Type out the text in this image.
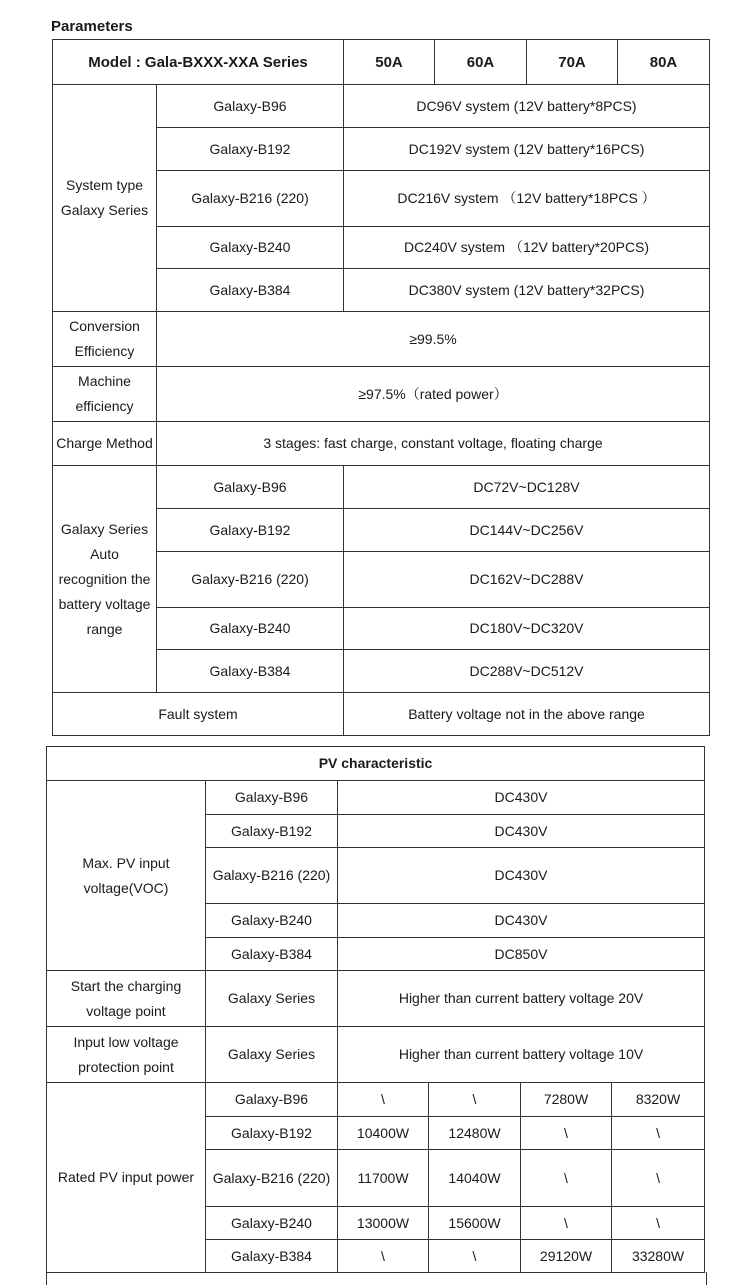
Parameters
Model : Gala-BXXX-XXA Series		50A	60A	70A	80A
System type
Galaxy Series	Galaxy-B96	DC96V system (12V battery*8PCS)			
	Galaxy-B192	DC192V system (12V battery*16PCS)			
	Galaxy-B216 (220)	DC216V system （12V battery*18PCS ）			
	Galaxy-B240	DC240V system （12V battery*20PCS)			
	Galaxy-B384	DC380V system (12V battery*32PCS)			
Conversion
Efficiency	≥99.5%				
Machine
efficiency	≥97.5%（rated power）				
Charge Method	3 stages: fast charge, constant voltage, floating charge				
Galaxy Series
Auto
recognition the
battery voltage
range	Galaxy-B96	DC72V~DC128V			
	Galaxy-B192	DC144V~DC256V			
	Galaxy-B216 (220)	DC162V~DC288V			
	Galaxy-B240	DC180V~DC320V			
	Galaxy-B384	DC288V~DC512V			
Fault system		Battery voltage not in the above range			
PV characteristic					
Max. PV input
voltage(VOC)	Galaxy-B96	DC430V			
	Galaxy-B192	DC430V			
	Galaxy-B216 (220)	DC430V			
	Galaxy-B240	DC430V			
	Galaxy-B384	DC850V			
Start the charging
voltage point	Galaxy Series	Higher than current battery voltage 20V			
Input low voltage
protection point	Galaxy Series	Higher than current battery voltage 10V			
Rated PV input power	Galaxy-B96	\	\	7280W	8320W
	Galaxy-B192	10400W	12480W	\	\
	Galaxy-B216 (220)	11700W	14040W	\	\
	Galaxy-B240	13000W	15600W	\	\
	Galaxy-B384	\	\	29120W	33280W
